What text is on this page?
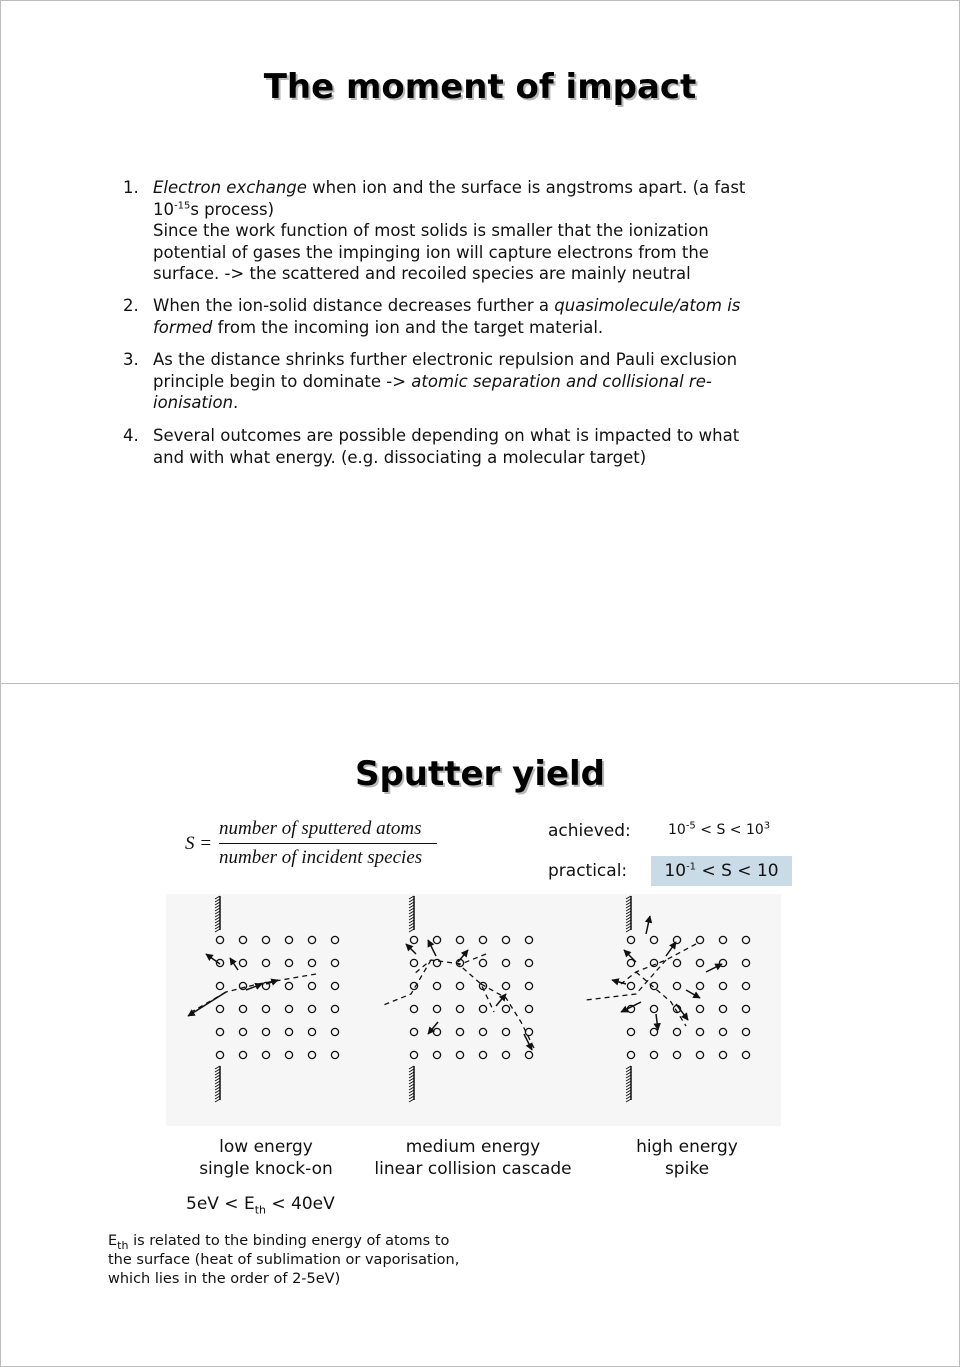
The moment of impact
1. Electron exchange when ion and the surface is angstroms apart. (a fast
$10^{-15}s$ process)
Since the work function of most solids is smaller that the ionization
potential of gases the impinging ion will capture electrons from the
surface. -> the scattered and recoiled species are mainly neutral
2. When the ion-solid distance decreases further a quasimolecule/atom is
formed from the incoming ion and the target material.
3. As the distance shrinks further electronic repulsion and Pauli exclusion
principle begin to dominate -> atomic separation and collisional re-
ionisation.
4. Several outcomes are possible depending on what is impacted to what
and with what energy. (e.g. dissociating a molecular target)
Sputter yield
S =
number of sputtered atoms
number of incident species
achieved:	$10^{-5} < S < 10^3$
practical:	$10^{-1} < S < 10$
low energy
single knock-on
medium energy
linear collision cascade
high energy
spike
$5eV < E_{th} < 40eV$
$E_{th}$ is related to the binding energy of atoms to
the surface (heat of sublimation or vaporisation,
which lies in the order of 2-5eV)
